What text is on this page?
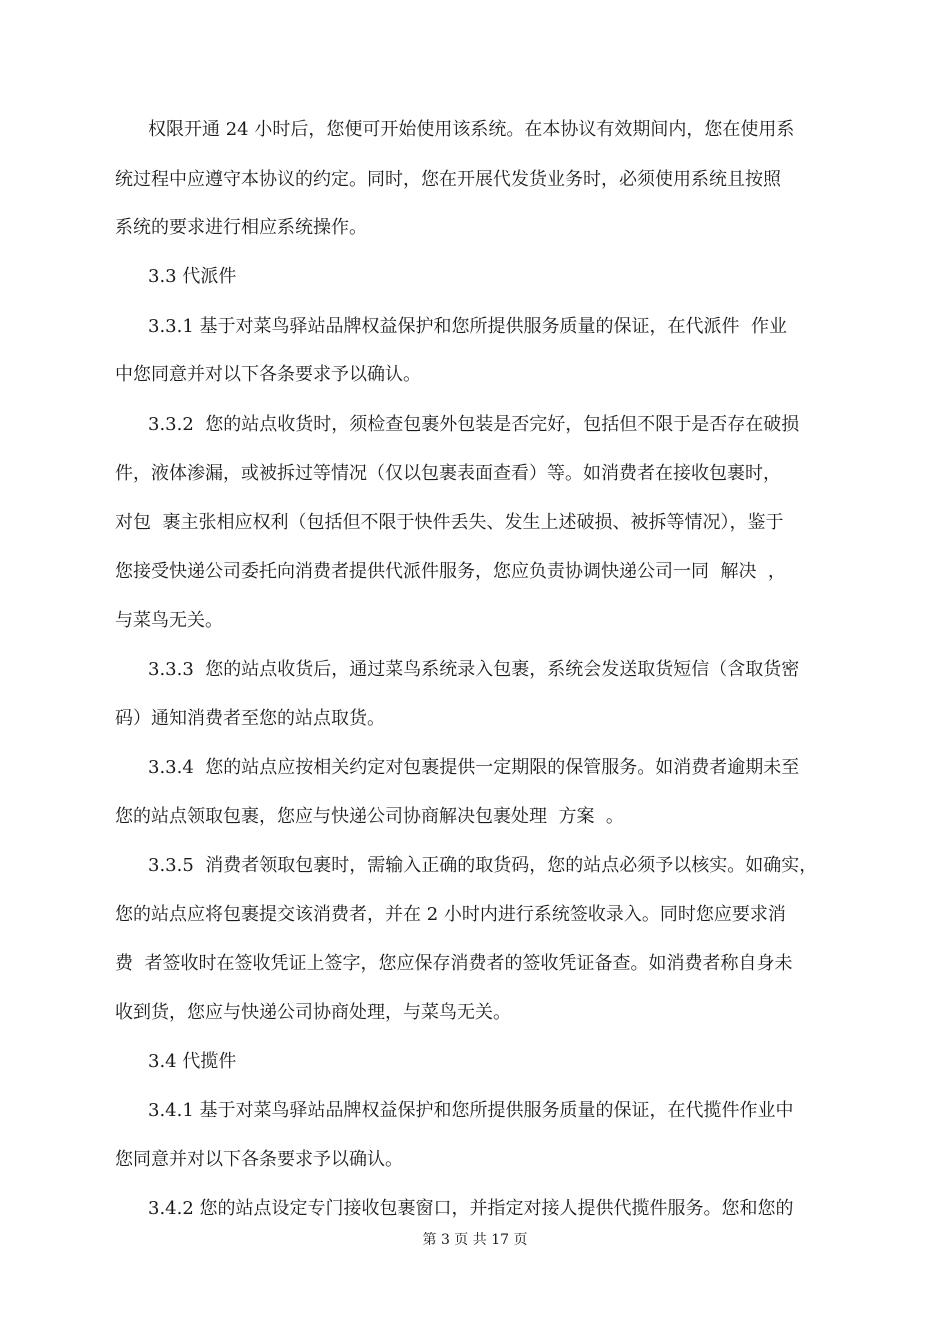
权限开通 24 小时后，您便可开始使用该系统。在本协议有效期间内，您在使用系
统过程中应遵守本协议的约定。同时，您在开展代发货业务时，必须使用系统且按照
系统的要求进行相应系统操作。
3.3 代派件
3.3.1 基于对菜鸟驿站品牌权益保护和您所提供服务质量的保证，在代派件  作业
中您同意并对以下各条要求予以确认。
3.3.2  您的站点收货时，须检查包裹外包装是否完好，包括但不限于是否存在破损
件，液体渗漏，或被拆过等情况（仅以包裹表面查看）等。如消费者在接收包裹时，
对包  裹主张相应权利（包括但不限于快件丢失、发生上述破损、被拆等情况），鉴于
您接受快递公司委托向消费者提供代派件服务，您应负责协调快递公司一同  解决  ，
与菜鸟无关。
3.3.3  您的站点收货后，通过菜鸟系统录入包裹，系统会发送取货短信（含取货密
码）通知消费者至您的站点取货。
3.3.4  您的站点应按相关约定对包裹提供一定期限的保管服务。如消费者逾期未至
您的站点领取包裹，您应与快递公司协商解决包裹处理  方案  。
3.3.5  消费者领取包裹时，需输入正确的取货码，您的站点必须予以核实。如确实，
您的站点应将包裹提交该消费者，并在 2 小时内进行系统签收录入。同时您应要求消
费  者签收时在签收凭证上签字，您应保存消费者的签收凭证备查。如消费者称自身未
收到货，您应与快递公司协商处理，与菜鸟无关。
3.4 代揽件
3.4.1 基于对菜鸟驿站品牌权益保护和您所提供服务质量的保证，在代揽件作业中
您同意并对以下各条要求予以确认。
3.4.2 您的站点设定专门接收包裹窗口，并指定对接人提供代揽件服务。您和您的
第 3 页 共 17 页
